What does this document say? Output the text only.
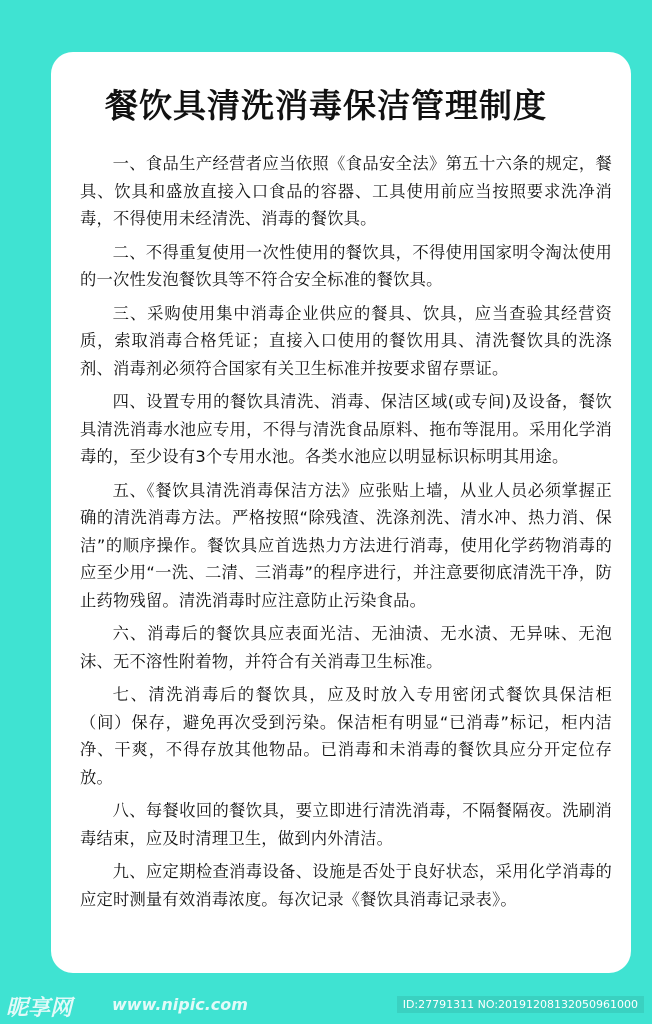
餐饮具清洗消毒保洁管理制度

一、食品生产经营者应当依照《食品安全法》第五十六条的规定，餐具、饮具和盛放直接入口食品的容器、工具使用前应当按照要求洗净消毒，不得使用未经清洗、消毒的餐饮具。

二、不得重复使用一次性使用的餐饮具，不得使用国家明令淘汰使用的一次性发泡餐饮具等不符合安全标准的餐饮具。

三、采购使用集中消毒企业供应的餐具、饮具，应当查验其经营资质，索取消毒合格凭证；直接入口使用的餐饮用具、清洗餐饮具的洗涤剂、消毒剂必须符合国家有关卫生标准并按要求留存票证。

四、设置专用的餐饮具清洗、消毒、保洁区域(或专间)及设备，餐饮具清洗消毒水池应专用，不得与清洗食品原料、拖布等混用。采用化学消毒的，至少设有3个专用水池。各类水池应以明显标识标明其用途。

五、《餐饮具清洗消毒保洁方法》应张贴上墙，从业人员必须掌握正确的清洗消毒方法。严格按照“除残渣、洗涤剂洗、清水冲、热力消、保洁”的顺序操作。餐饮具应首选热力方法进行消毒，使用化学药物消毒的应至少用“一洗、二清、三消毒”的程序进行，并注意要彻底清洗干净，防止药物残留。清洗消毒时应注意防止污染食品。

六、消毒后的餐饮具应表面光洁、无油渍、无水渍、无异味、无泡沫、无不溶性附着物，并符合有关消毒卫生标准。

七、清洗消毒后的餐饮具，应及时放入专用密闭式餐饮具保洁柜（间）保存，避免再次受到污染。保洁柜有明显“已消毒”标记，柜内洁净、干爽，不得存放其他物品。已消毒和未消毒的餐饮具应分开定位存放。

八、每餐收回的餐饮具，要立即进行清洗消毒，不隔餐隔夜。洗刷消毒结束，应及时清理卫生，做到内外清洁。

九、应定期检查消毒设备、设施是否处于良好状态，采用化学消毒的应定时测量有效消毒浓度。每次记录《餐饮具消毒记录表》。

昵享网 www.nipic.com	ID:27791311 NO:20191208132050961000
